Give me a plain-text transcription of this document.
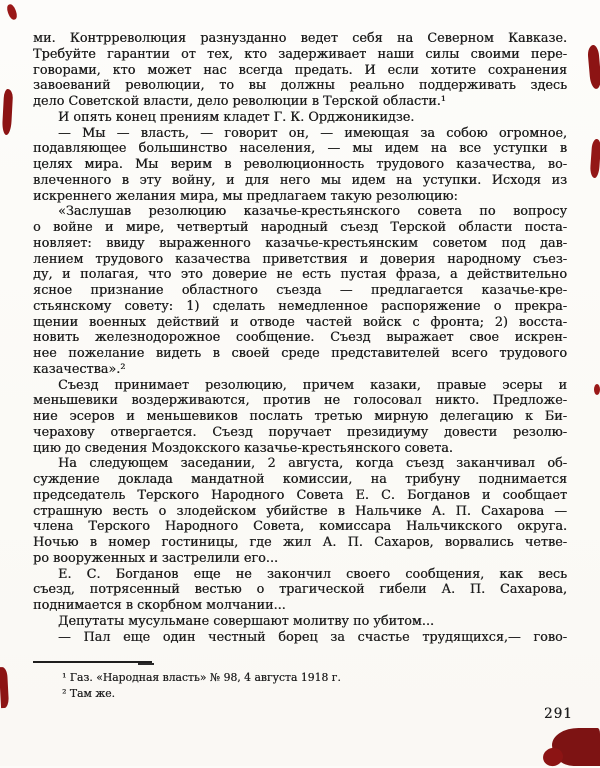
ми. Контрреволюция разнузданно ведет себя на Северном Кавказе.
Требуйте гарантии от тех, кто задерживает наши силы своими пере-
говорами, кто может нас всегда предать. И если хотите сохранения
завоеваний революции, то вы должны реально поддерживать здесь
дело Советской власти, дело революции в Терской области.¹
И опять конец прениям кладет Г. К. Орджоникидзе.
— Мы — власть, — говорит он, — имеющая за собою огромное,
подавляющее большинство населения, — мы идем на все уступки в
целях мира. Мы верим в революционность трудового казачества, во-
влеченного в эту войну, и для него мы идем на уступки. Исходя из
искреннего желания мира, мы предлагаем такую резолюцию:
«Заслушав резолюцию казачье-крестьянского совета по вопросу
о войне и мире, четвертый народный съезд Терской области поста-
новляет: ввиду выраженного казачье-крестьянским советом под дав-
лением трудового казачества приветствия и доверия народному съез-
ду, и полагая, что это доверие не есть пустая фраза, а действительно
ясное признание областного съезда — предлагается казачье-кре-
стьянскому совету: 1) сделать немедленное распоряжение о прекра-
щении военных действий и отводе частей войск с фронта; 2) восста-
новить железнодорожное сообщение. Съезд выражает свое искрен-
нее пожелание видеть в своей среде представителей всего трудового
казачества».²
Съезд принимает резолюцию, причем казаки, правые эсеры и
меньшевики воздерживаются, против не голосовал никто. Предложе-
ние эсеров и меньшевиков послать третью мирную делегацию к Би-
черахову отвергается. Съезд поручает президиуму довести резолю-
цию до сведения Моздокского казачье-крестьянского совета.
На следующем заседании, 2 августа, когда съезд заканчивал об-
суждение доклада мандатной комиссии, на трибуну поднимается
председатель Терского Народного Совета Е. С. Богданов и сообщает
страшную весть о злодейском убийстве в Нальчике А. П. Сахарова —
члена Терского Народного Совета, комиссара Нальчикского округа.
Ночью в номер гостиницы, где жил А. П. Сахаров, ворвались четве-
ро вооруженных и застрелили его...
Е. С. Богданов еще не закончил своего сообщения, как весь
съезд, потрясенный вестью о трагической гибели А. П. Сахарова,
поднимается в скорбном молчании...
Депутаты мусульмане совершают молитву по убитом...
— Пал еще один честный борец за счастье трудящихся,— гово-
¹ Газ. «Народная власть» № 98, 4 августа 1918 г.
² Там же.
291
